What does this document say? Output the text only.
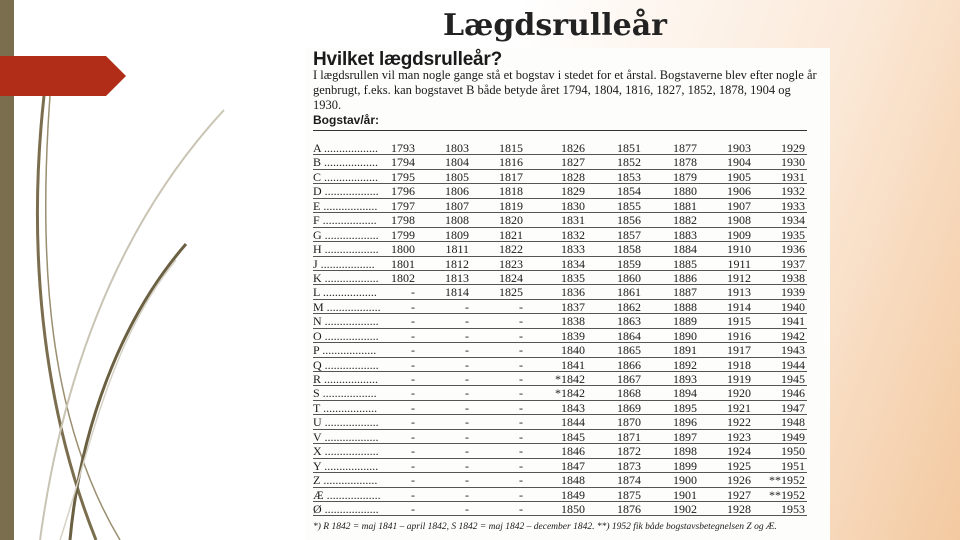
Lægdsrulleår
Hvilket lægdsrulleår?
I lægdsrullen vil man nogle gange stå et bogstav i stedet for et årstal. Bogstaverne blev efter nogle år genbrugt, f.eks. kan bogstavet B både betyde året 1794, 1804, 1816, 1827, 1852, 1878, 1904 og 1930.
Bogstav/år:
A ..................	1793	1803	1815	1826	1851	1877	1903	1929
B ..................	1794	1804	1816	1827	1852	1878	1904	1930
C ..................	1795	1805	1817	1828	1853	1879	1905	1931
D ..................	1796	1806	1818	1829	1854	1880	1906	1932
E ..................	1797	1807	1819	1830	1855	1881	1907	1933
F ..................	1798	1808	1820	1831	1856	1882	1908	1934
G ..................	1799	1809	1821	1832	1857	1883	1909	1935
H ..................	1800	1811	1822	1833	1858	1884	1910	1936
J ..................	1801	1812	1823	1834	1859	1885	1911	1937
K ..................	1802	1813	1824	1835	1860	1886	1912	1938
L ..................	-	1814	1825	1836	1861	1887	1913	1939
M ..................	-	-	-	1837	1862	1888	1914	1940
N ..................	-	-	-	1838	1863	1889	1915	1941
O ..................	-	-	-	1839	1864	1890	1916	1942
P ..................	-	-	-	1840	1865	1891	1917	1943
Q ..................	-	-	-	1841	1866	1892	1918	1944
R ..................	-	-	-	*1842	1867	1893	1919	1945
S ..................	-	-	-	*1842	1868	1894	1920	1946
T ..................	-	-	-	1843	1869	1895	1921	1947
U ..................	-	-	-	1844	1870	1896	1922	1948
V ..................	-	-	-	1845	1871	1897	1923	1949
X ..................	-	-	-	1846	1872	1898	1924	1950
Y ..................	-	-	-	1847	1873	1899	1925	1951
Z ..................	-	-	-	1848	1874	1900	1926	**1952
Æ ..................	-	-	-	1849	1875	1901	1927	**1952
Ø ..................	-	-	-	1850	1876	1902	1928	1953
*) R 1842 = maj 1841 – april 1842, S 1842 = maj 1842 – december 1842. **) 1952 fik både bogstavsbetegnelsen Z og Æ.
